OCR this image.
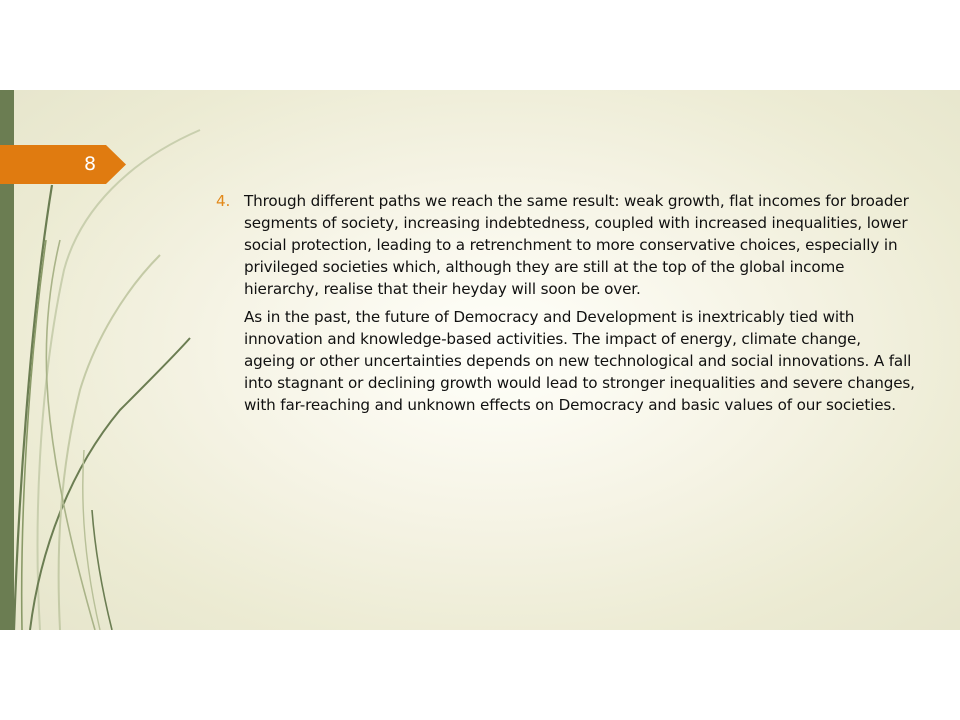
8
4. Through different paths we reach the same result: weak growth, flat incomes for broader segments of society, increasing indebtedness, coupled with increased inequalities, lower social protection, leading to a retrenchment to more conservative choices, especially in privileged societies which, although they are still at the top of the global income hierarchy, realise that their heyday will soon be over.

As in the past, the future of Democracy and Development is inextricably tied with innovation and knowledge-based activities. The impact of energy, climate change, ageing or other uncertainties depends on new technological and social innovations. A fall into stagnant or declining growth would lead to stronger inequalities and severe changes, with far-reaching and unknown effects on Democracy and basic values of our societies.
